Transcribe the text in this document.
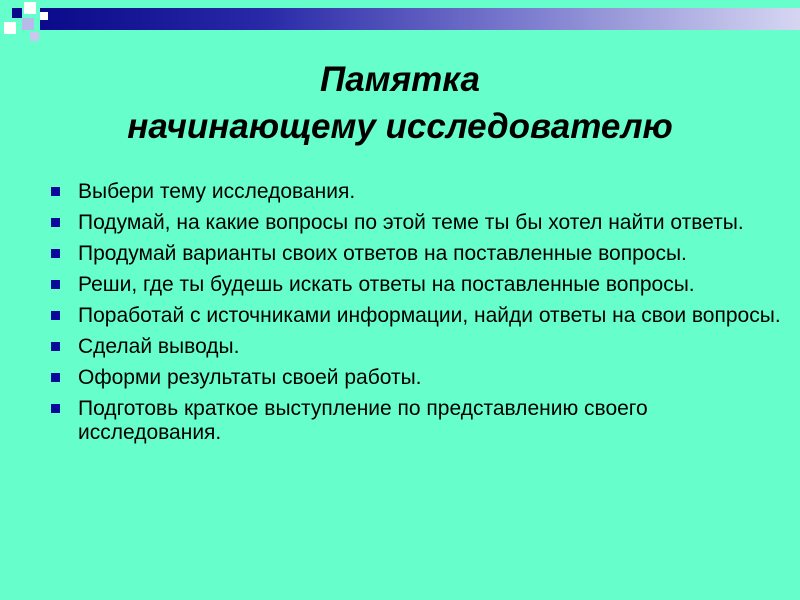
Памятка
начинающему исследователю
Выбери тему исследования.
Подумай, на какие вопросы по этой теме ты бы хотел найти ответы.
Продумай варианты своих ответов на поставленные вопросы.
Реши, где ты будешь искать ответы на поставленные вопросы.
Поработай с источниками информации, найди ответы на свои вопросы.
Сделай выводы.
Оформи результаты своей работы.
Подготовь краткое выступление по представлению своего исследования.
